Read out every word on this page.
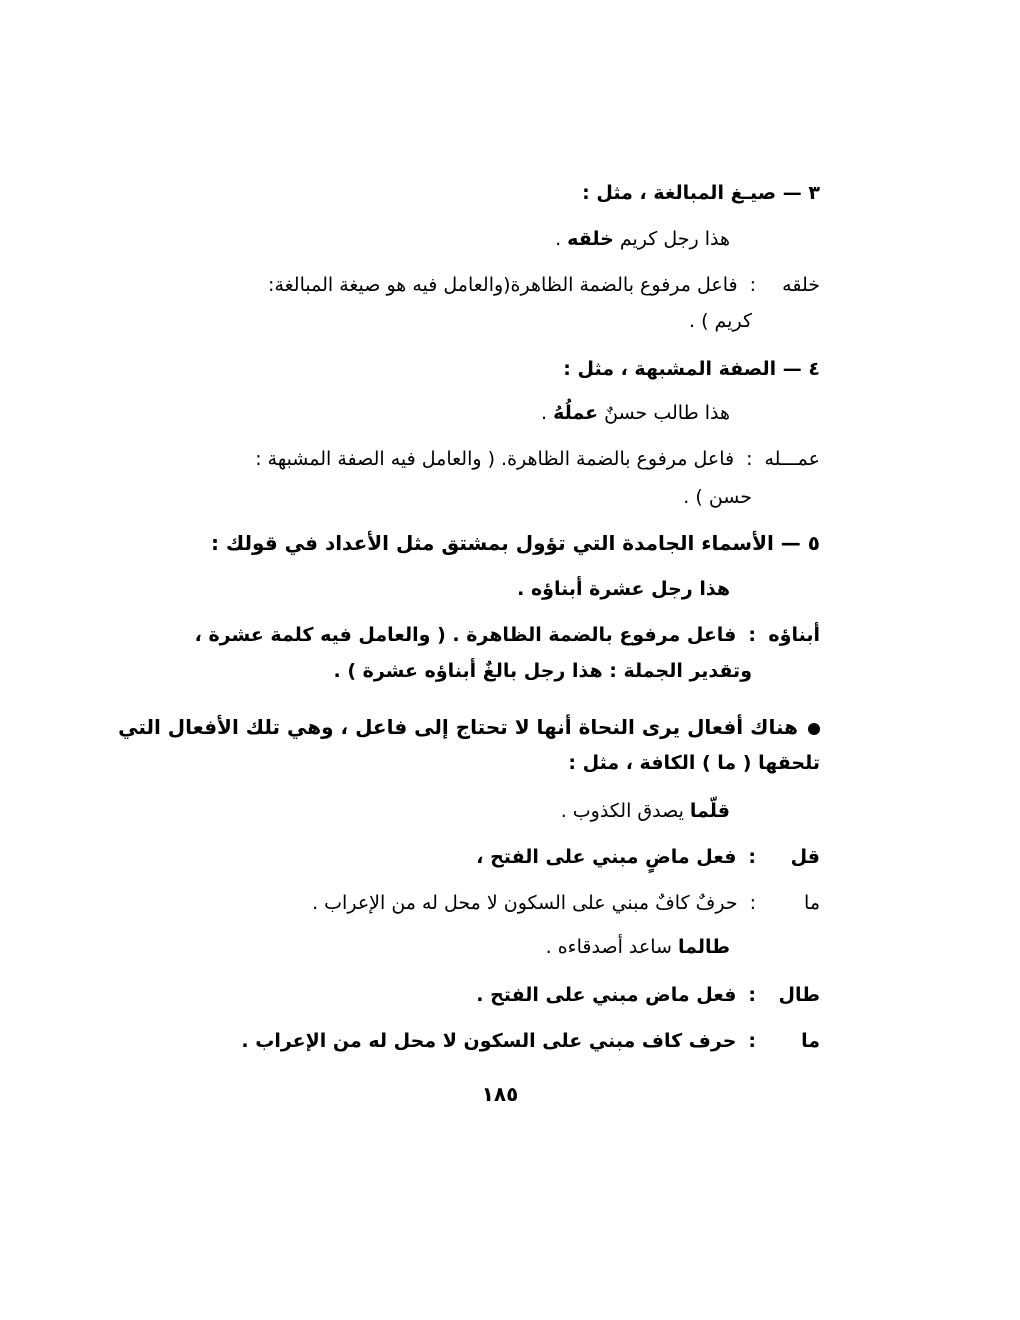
٣ — صيـغ المبالغة ، مثل :
هذا رجل كريم خلقه .
خلقه:فاعل مرفوع بالضمة الظاهرة(والعامل فيه هو صيغة المبالغة:
كريم ) .
٤ — الصفة المشبهة ، مثل :
هذا طالب حسنٌ عملُهُ .
عمـــله:فاعل مرفوع بالضمة الظاهرة. ( والعامل فيه الصفة المشبهة :
حسن ) .
٥ — الأسماء الجامدة التي تؤول بمشتق مثل الأعداد في قولك :
هذا رجل عشرة أبناؤه .
أبناؤه:فاعل مرفوع بالضمة الظاهرة . ( والعامل فيه كلمة عشرة ،
وتقدير الجملة : هذا رجل بالغٌ أبناؤه عشرة ) .
هناك أفعال يرى النحاة أنها لا تحتاج إلى فاعل ، وهي تلك الأفعال التي
تلحقها ( ما ) الكافة ، مثل :
قلّما يصدق الكذوب .
قل:فعل ماضٍ مبني على الفتح ،
ما:حرفٌ كافٌ مبني على السكون لا محل له من الإعراب .
طالما ساعد أصدقاءه .
طال:فعل ماض مبني على الفتح .
ما:حرف كاف مبني على السكون لا محل له من الإعراب .
١٨٥
